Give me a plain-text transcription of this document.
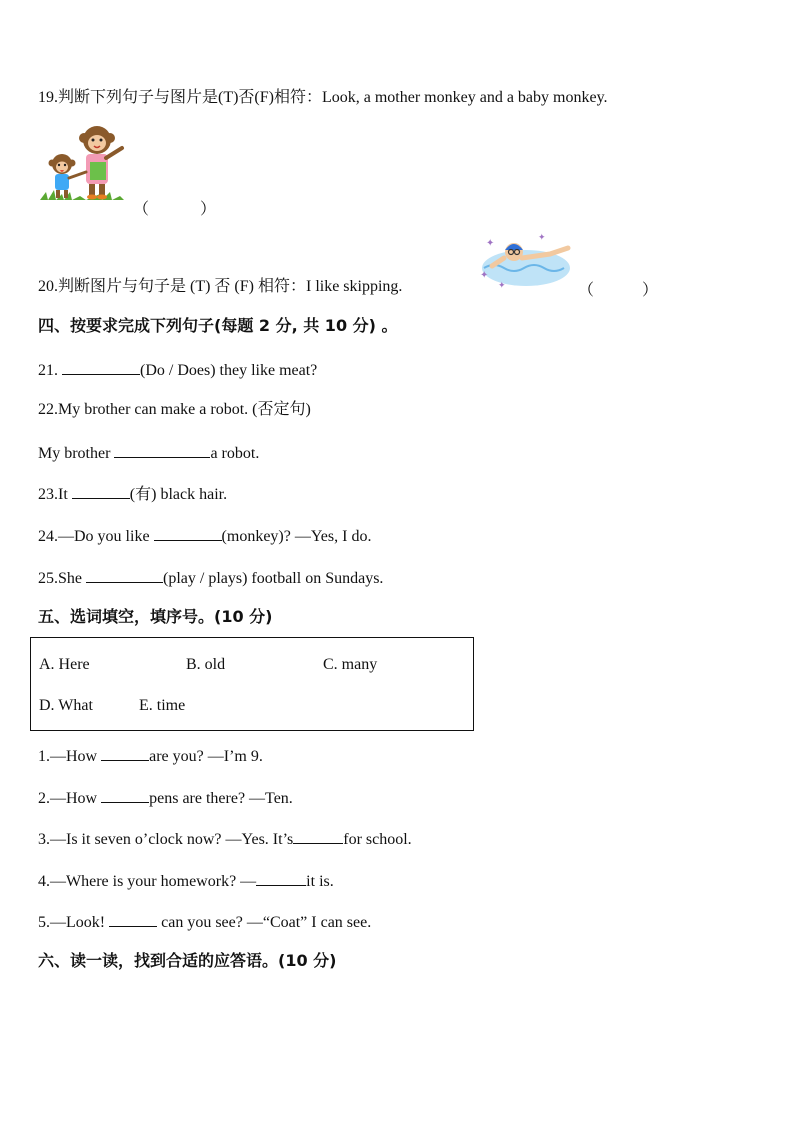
19.判断下列句子与图片是(T)否(F)相符：Look, a mother monkey and a baby monkey.
（	）
20.判断图片与句子是 (T) 否 (F) 相符：I like skipping.
✦
✦
✦
✦
（	）
四、按要求完成下列句子(每题 2 分, 共 10 分) 。
21.	(Do / Does) they like meat?
22.My brother can make a robot. (否定句)
My brother	a robot.
23.It	(有) black hair.
24.—Do you like	(monkey)? —Yes, I do.
25.She	(play / plays) football on Sundays.
五、选词填空，填序号。(10 分)
A. Here	B. old	C. many
D. What	E. time
1.—How	are you? —I’m 9.
2.—How	pens are there? —Ten.
3.—Is it seven o’clock now? —Yes. It’s	for school.
4.—Where is your homework? —	it is.
5.—Look!	can you see? —“Coat” I can see.
六、读一读，找到合适的应答语。(10 分)
